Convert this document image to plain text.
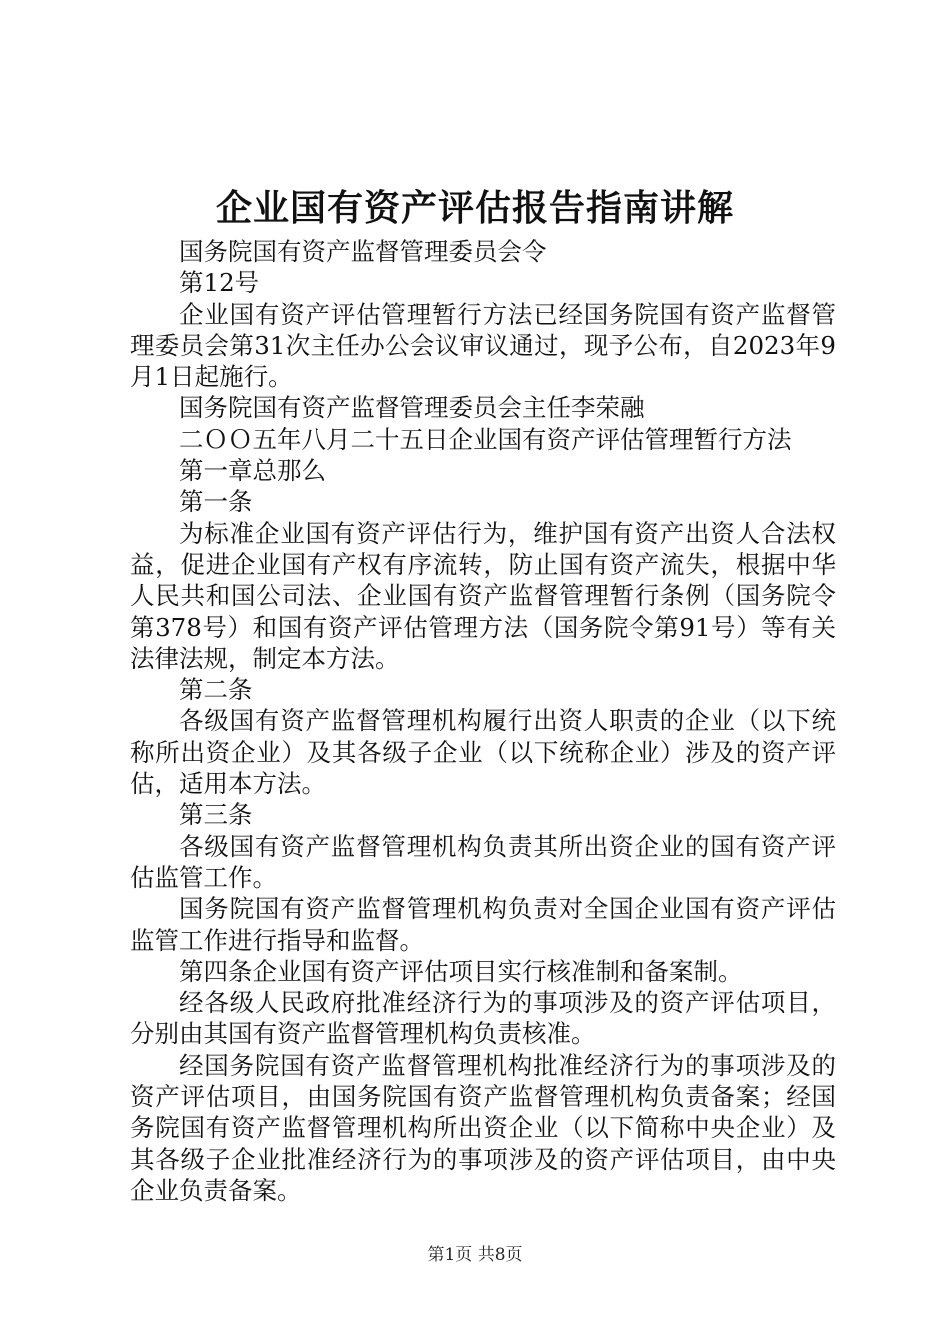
企业国有资产评估报告指南讲解

国务院国有资产监督管理委员会令

第12号

企业国有资产评估管理暂行方法已经国务院国有资产监督管理委员会第31次主任办公会议审议通过，现予公布，自2023年9月1日起施行。

国务院国有资产监督管理委员会主任李荣融

二ＯＯ五年八月二十五日企业国有资产评估管理暂行方法

第一章总那么

第一条

为标准企业国有资产评估行为，维护国有资产出资人合法权益，促进企业国有产权有序流转，防止国有资产流失，根据中华人民共和国公司法、企业国有资产监督管理暂行条例（国务院令第378号）和国有资产评估管理方法（国务院令第91号）等有关法律法规，制定本方法。

第二条

各级国有资产监督管理机构履行出资人职责的企业（以下统称所出资企业）及其各级子企业（以下统称企业）涉及的资产评估，适用本方法。

第三条

各级国有资产监督管理机构负责其所出资企业的国有资产评估监管工作。

国务院国有资产监督管理机构负责对全国企业国有资产评估监管工作进行指导和监督。

第四条企业国有资产评估项目实行核准制和备案制。

经各级人民政府批准经济行为的事项涉及的资产评估项目，分别由其国有资产监督管理机构负责核准。

经国务院国有资产监督管理机构批准经济行为的事项涉及的资产评估项目，由国务院国有资产监督管理机构负责备案；经国务院国有资产监督管理机构所出资企业（以下简称中央企业）及其各级子企业批准经济行为的事项涉及的资产评估项目，由中央企业负责备案。

第1页 共8页
